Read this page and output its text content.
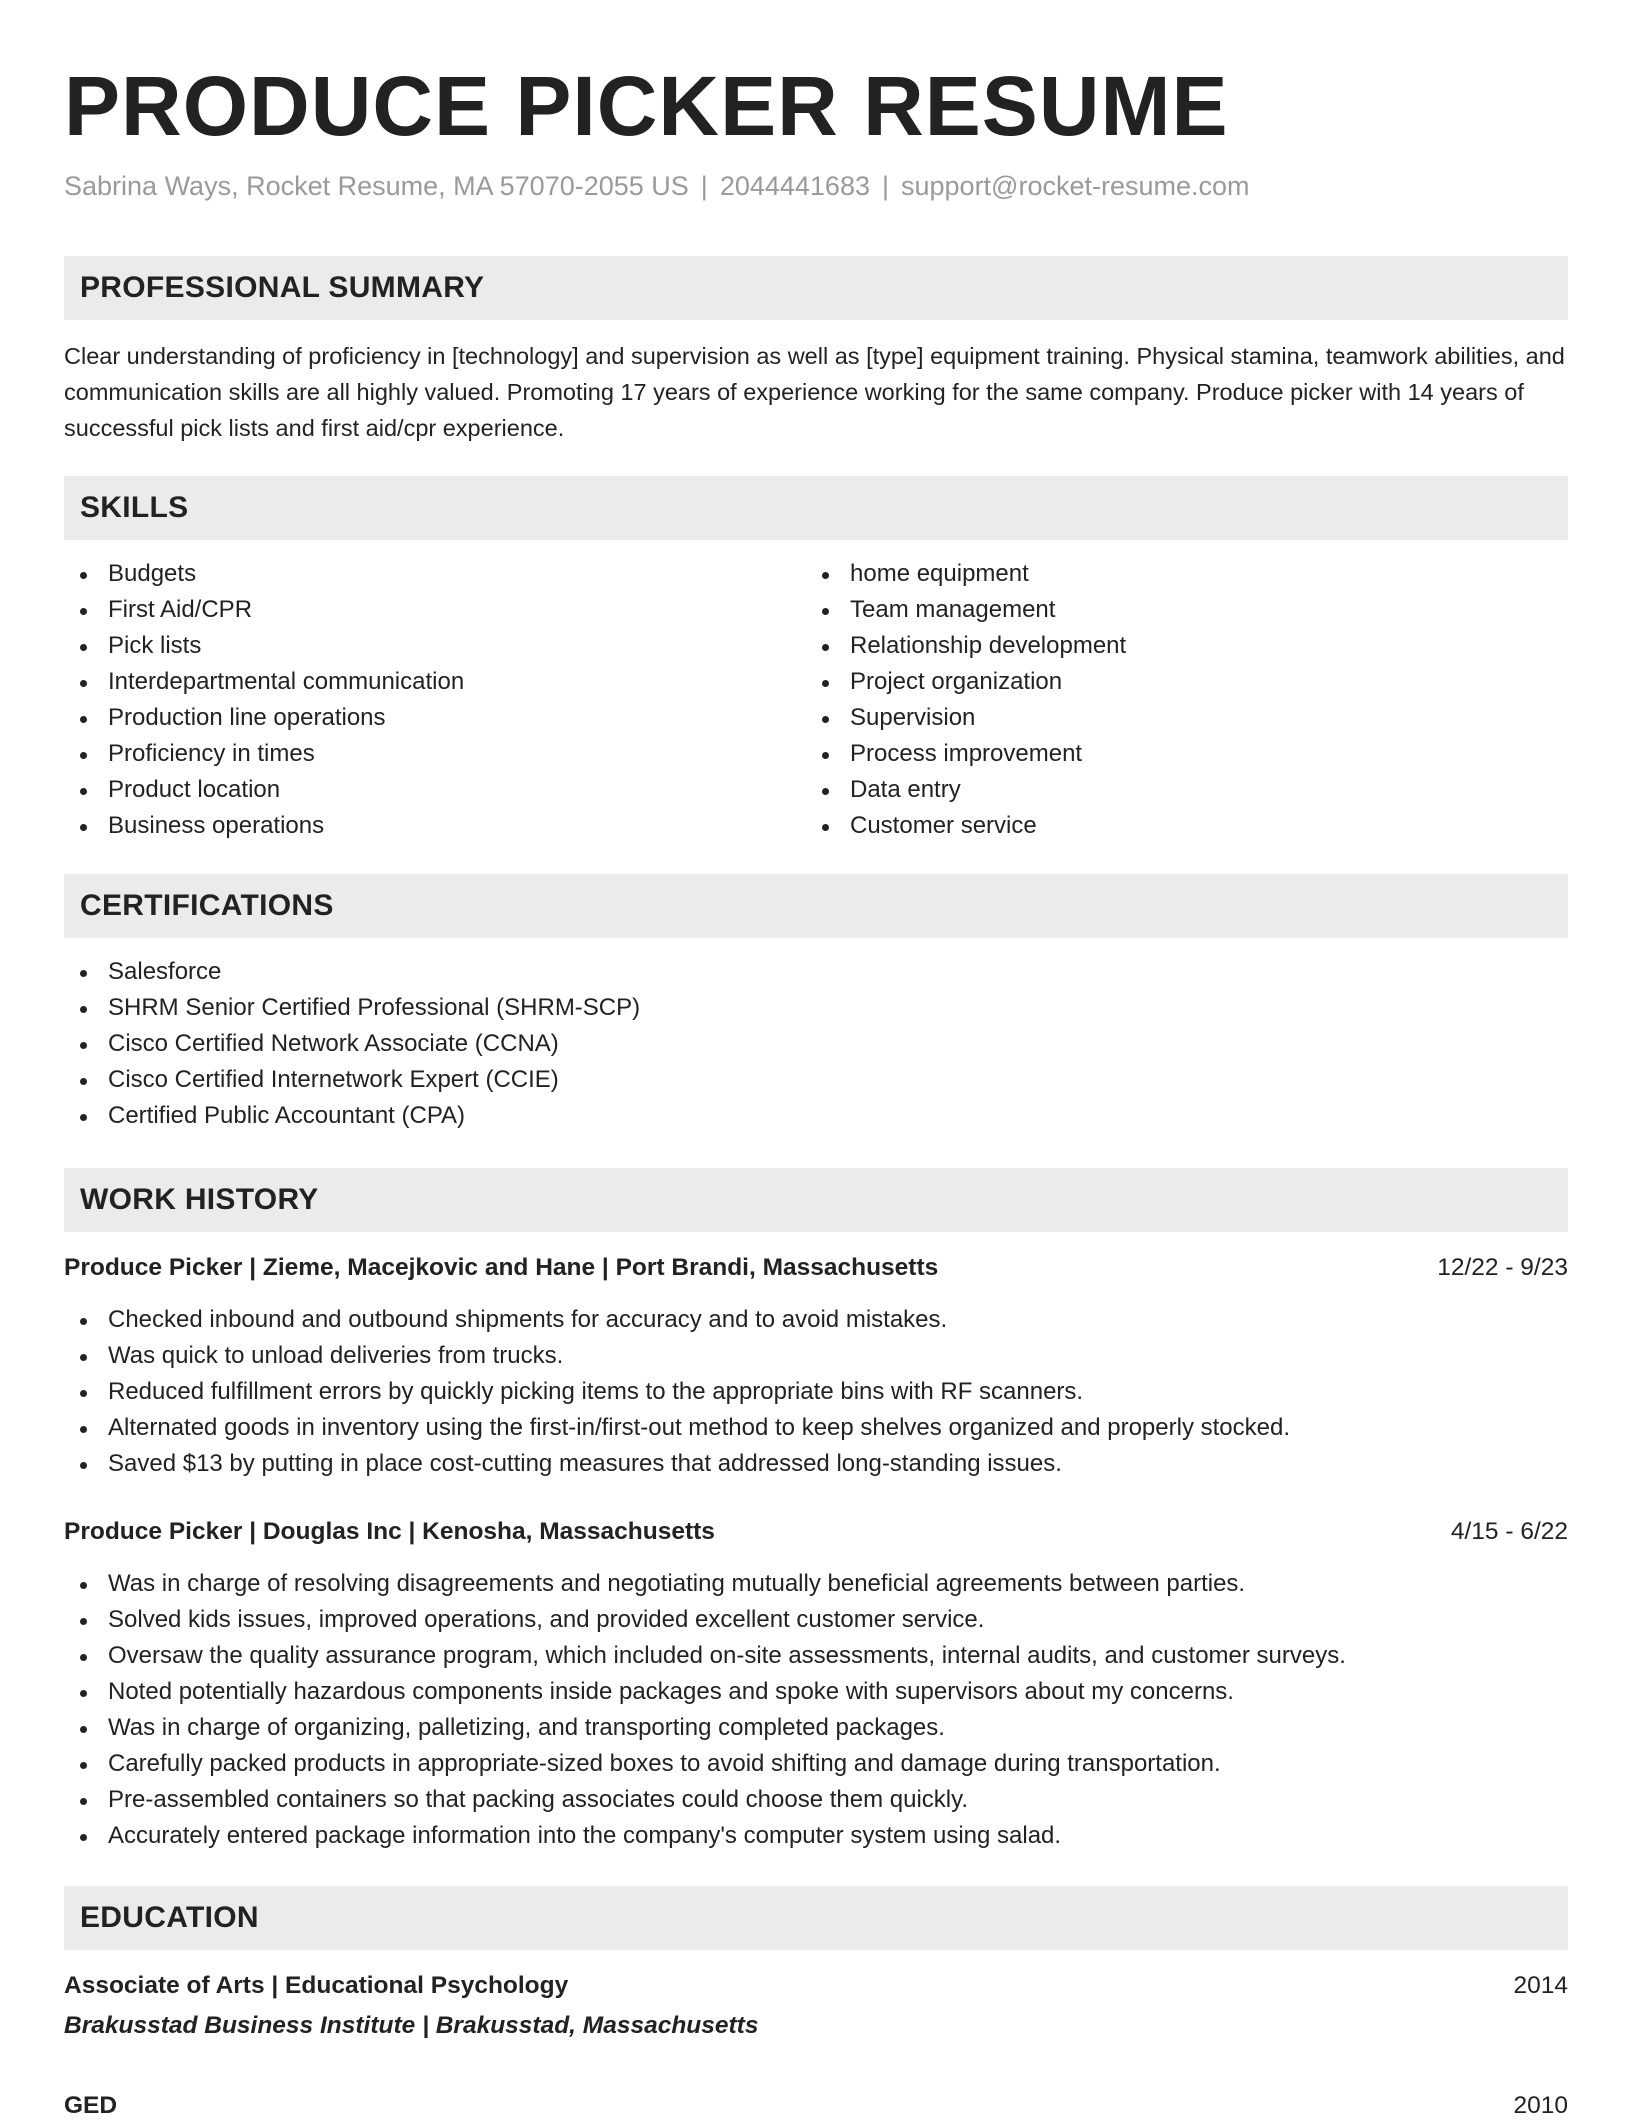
PRODUCE PICKER RESUME
Sabrina Ways, Rocket Resume, MA 57070-2055 US | 2044441683 | support@rocket-resume.com
PROFESSIONAL SUMMARY

Clear understanding of proficiency in [technology] and supervision as well as [type] equipment training. Physical stamina, teamwork abilities, and communication skills are all highly valued. Promoting 17 years of experience working for the same company. Produce picker with 14 years of successful pick lists and first aid/cpr experience.

SKILLS
Budgets
First Aid/CPR
Pick lists
Interdepartmental communication
Production line operations
Proficiency in times
Product location
Business operations
home equipment
Team management
Relationship development
Project organization
Supervision
Process improvement
Data entry
Customer service
CERTIFICATIONS
Salesforce
SHRM Senior Certified Professional (SHRM-SCP)
Cisco Certified Network Associate (CCNA)
Cisco Certified Internetwork Expert (CCIE)
Certified Public Accountant (CPA)
WORK HISTORY
Produce Picker | Zieme, Macejkovic and Hane | Port Brandi, Massachusetts	12/22 - 9/23
Checked inbound and outbound shipments for accuracy and to avoid mistakes.
Was quick to unload deliveries from trucks.
Reduced fulfillment errors by quickly picking items to the appropriate bins with RF scanners.
Alternated goods in inventory using the first-in/first-out method to keep shelves organized and properly stocked.
Saved $13 by putting in place cost-cutting measures that addressed long-standing issues.
Produce Picker | Douglas Inc | Kenosha, Massachusetts	4/15 - 6/22
Was in charge of resolving disagreements and negotiating mutually beneficial agreements between parties.
Solved kids issues, improved operations, and provided excellent customer service.
Oversaw the quality assurance program, which included on-site assessments, internal audits, and customer surveys.
Noted potentially hazardous components inside packages and spoke with supervisors about my concerns.
Was in charge of organizing, palletizing, and transporting completed packages.
Carefully packed products in appropriate-sized boxes to avoid shifting and damage during transportation.
Pre-assembled containers so that packing associates could choose them quickly.
Accurately entered package information into the company's computer system using salad.
EDUCATION
Associate of Arts | Educational Psychology	2014
Brakusstad Business Institute | Brakusstad, Massachusetts
GED	2010
